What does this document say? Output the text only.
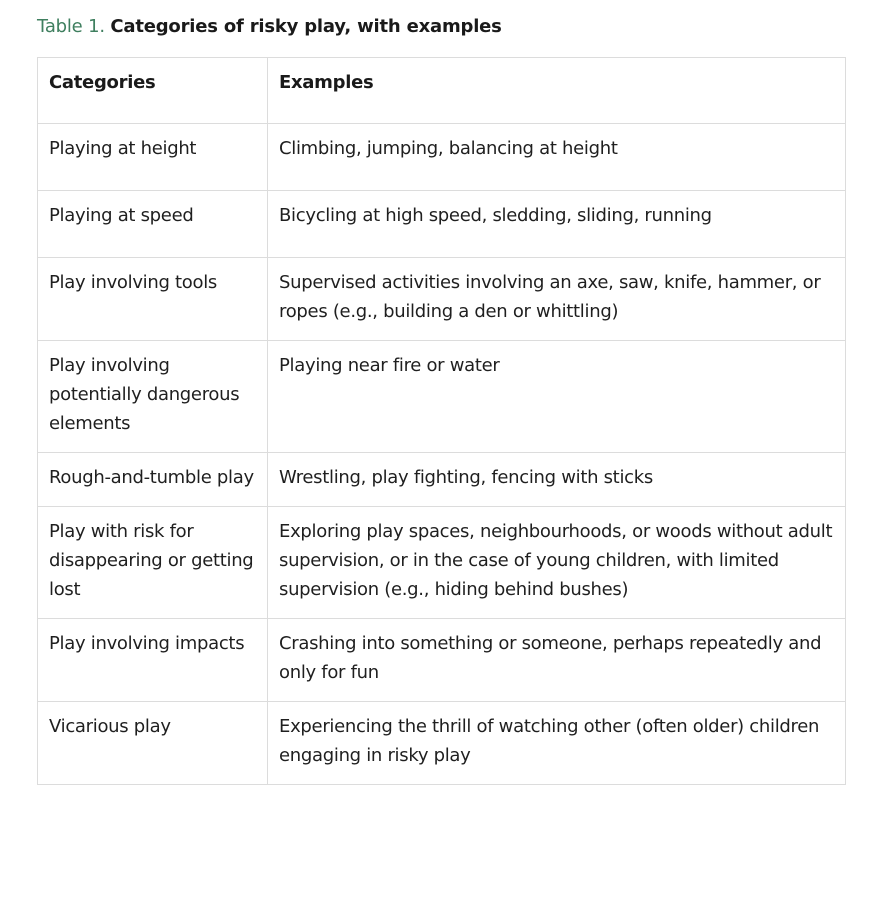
Table 1. Categories of risky play, with examples
Categories	Examples
Playing at height	Climbing, jumping, balancing at height
Playing at speed	Bicycling at high speed, sledding, sliding, running
Play involving tools	Supervised activities involving an axe, saw, knife, hammer, or ropes (e.g., building a den or whittling)
Play involving potentially dangerous elements	Playing near fire or water
Rough-and-tumble play	Wrestling, play fighting, fencing with sticks
Play with risk for disappearing or getting lost	Exploring play spaces, neighbourhoods, or woods without adult supervision, or in the case of young children, with limited supervision (e.g., hiding behind bushes)
Play involving impacts	Crashing into something or someone, perhaps repeatedly and only for fun
Vicarious play	Experiencing the thrill of watching other (often older) children engaging in risky play
